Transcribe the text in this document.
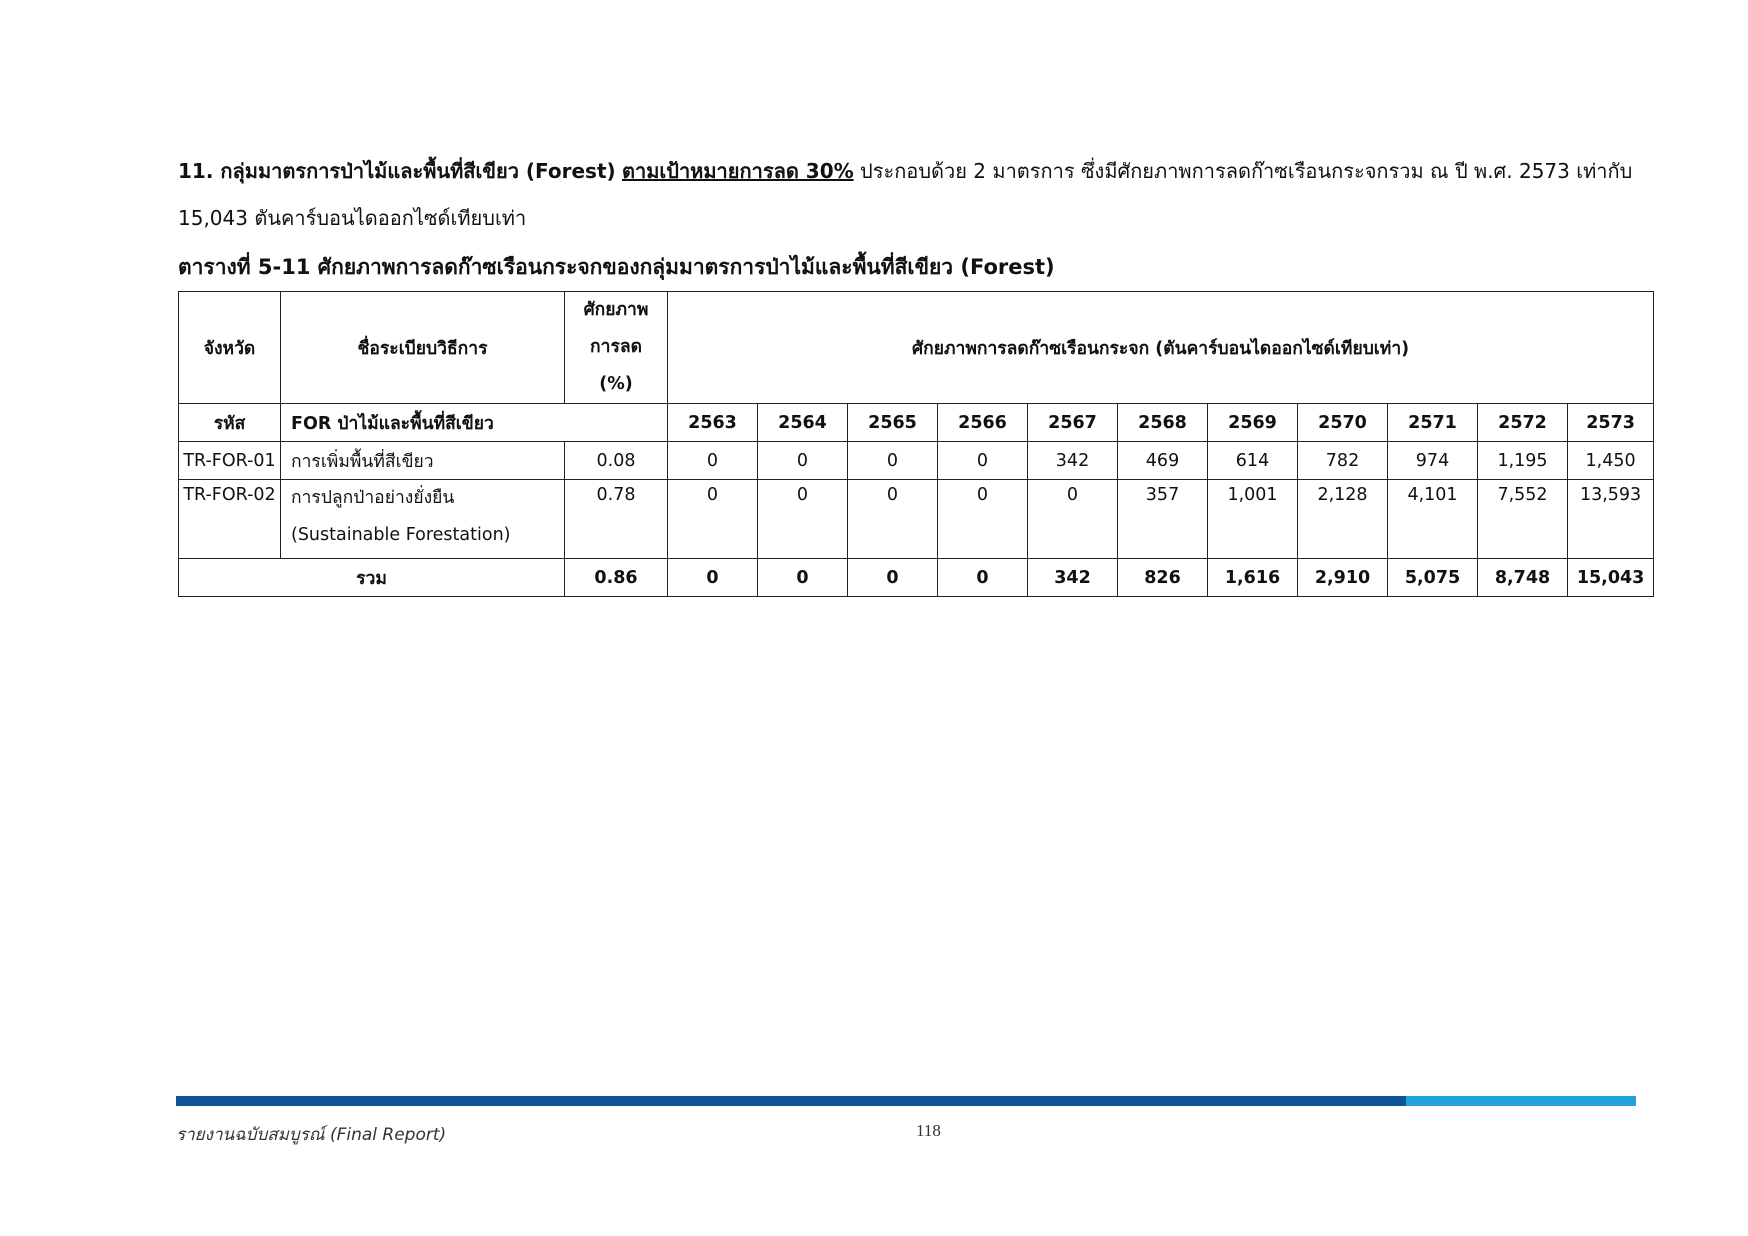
11. กลุ่มมาตรการป่าไม้และพื้นที่สีเขียว (Forest) ตามเป้าหมายการลด 30% ประกอบด้วย 2 มาตรการ ซึ่งมีศักยภาพการลดก๊าซเรือนกระจกรวม ณ ปี พ.ศ. 2573 เท่ากับ 15,043 ตันคาร์บอนไดออกไซด์เทียบเท่า
ตารางที่ 5-11 ศักยภาพการลดก๊าซเรือนกระจกของกลุ่มมาตรการป่าไม้และพื้นที่สีเขียว (Forest)
จังหวัด	ชื่อระเบียบวิธีการ	ศักยภาพ
การลด
(%)	ศักยภาพการลดก๊าซเรือนกระจก (ตันคาร์บอนไดออกไซด์เทียบเท่า)										
รหัส	FOR ป่าไม้และพื้นที่สีเขียว		2563	2564	2565	2566	2567	2568	2569	2570	2571	2572	2573
TR-FOR-01	การเพิ่มพื้นที่สีเขียว	0.08	0	0	0	0	342	469	614	782	974	1,195	1,450
TR-FOR-02	การปลูกป่าอย่างยั่งยืน
(Sustainable Forestation)	0.78	0	0	0	0	0	357	1,001	2,128	4,101	7,552	13,593
รวม		0.86	0	0	0	0	342	826	1,616	2,910	5,075	8,748	15,043
รายงานฉบับสมบูรณ์ (Final Report)	118
